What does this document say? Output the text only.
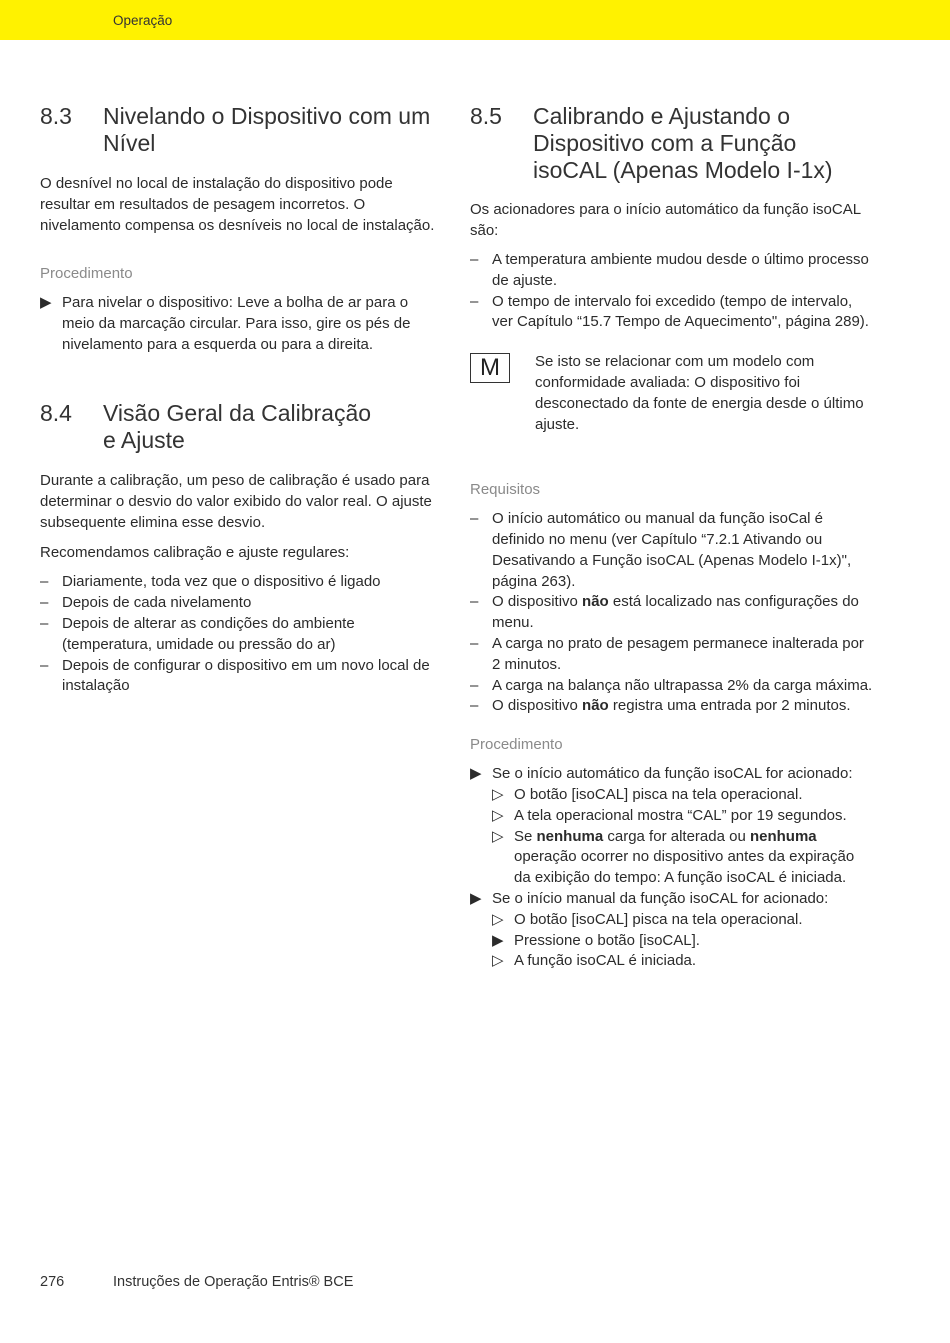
Operação
8.3	Nivelando o Dispositivo com um Nível

O desnível no local de instalação do dispositivo pode resultar em resultados de pesagem incorretos. O nivelamento compensa os desníveis no local de instalação.

Procedimento
▶ Para nivelar o dispositivo: Leve a bolha de ar para o meio da marcação circular. Para isso, gire os pés de nivelamento para a esquerda ou para a direita.
8.4	Visão Geral da Calibração e Ajuste

Durante a calibração, um peso de calibração é usado para determinar o desvio do valor exibido do valor real. O ajuste subsequente elimina esse desvio.

Recomendamos calibração e ajuste regulares:

– Diariamente, toda vez que o dispositivo é ligado
– Depois de cada nivelamento
– Depois de alterar as condições do ambiente (temperatura, umidade ou pressão do ar)
– Depois de configurar o dispositivo em um novo local de instalação
8.5	Calibrando e Ajustando o Dispositivo com a Função isoCAL (Apenas Modelo I-1x)

Os acionadores para o início automático da função isoCAL são:

– A temperatura ambiente mudou desde o último processo de ajuste.
– O tempo de intervalo foi excedido (tempo de intervalo, ver Capítulo “15.7 Tempo de Aquecimento", página 289).
M	Se isto se relacionar com um modelo com conformidade avaliada: O dispositivo foi desconectado da fonte de energia desde o último ajuste.

Requisitos
– O início automático ou manual da função isoCal é definido no menu (ver Capítulo “7.2.1 Ativando ou Desativando a Função isoCAL (Apenas Modelo I-1x)", página 263).
– O dispositivo não está localizado nas configurações do menu.
– A carga no prato de pesagem permanece inalterada por 2 minutos.
– A carga na balança não ultrapassa 2% da carga máxima.
– O dispositivo não registra uma entrada por 2 minutos.
Procedimento
▶ Se o início automático da função isoCAL for acionado:
▷ O botão [isoCAL] pisca na tela operacional.
▷ A tela operacional mostra “CAL” por 19 segundos.
▷ Se nenhuma carga for alterada ou nenhuma operação ocorrer no dispositivo antes da expiração da exibição do tempo: A função isoCAL é iniciada.
▶ Se o início manual da função isoCAL for acionado:
▷ O botão [isoCAL] pisca na tela operacional.
▶ Pressione o botão [isoCAL].
▷ A função isoCAL é iniciada.
276	Instruções de Operação Entris® BCE
